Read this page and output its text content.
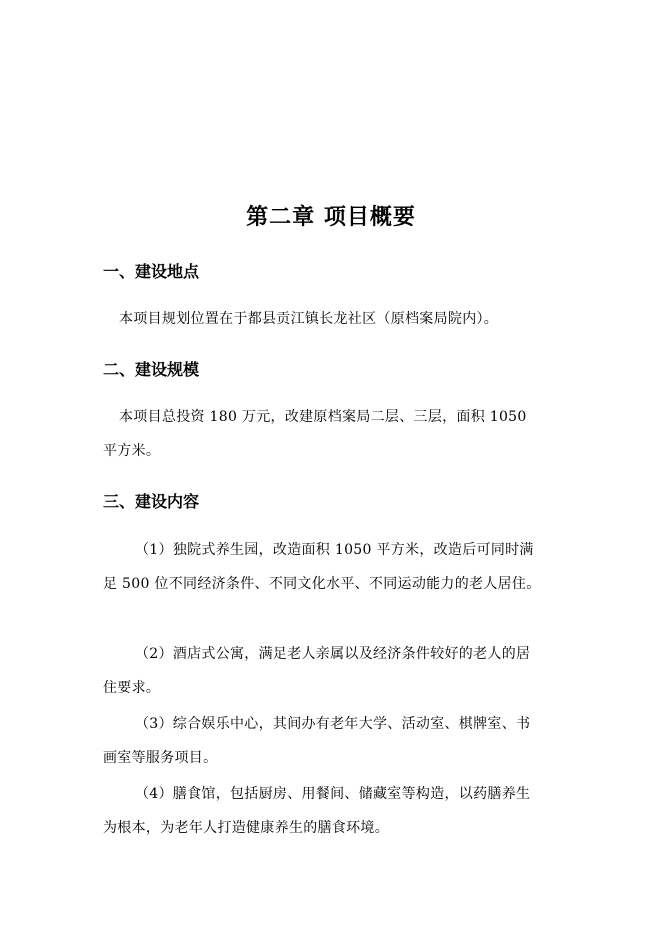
第二章 项目概要
一、建设地点
本项目规划位置在于都县贡江镇长龙社区（原档案局院内）。
二、建设规模
本项目总投资 180 万元，改建原档案局二层、三层，面积 1050
平方米。
三、建设内容
（1）独院式养生园，改造面积 1050 平方米，改造后可同时满
足 500 位不同经济条件、不同文化水平、不同运动能力的老人居住。
（2）酒店式公寓，满足老人亲属以及经济条件较好的老人的居
住要求。
（3）综合娱乐中心，其间办有老年大学、活动室、棋牌室、书
画室等服务项目。
（4）膳食馆，包括厨房、用餐间、储藏室等构造，以药膳养生
为根本，为老年人打造健康养生的膳食环境。
